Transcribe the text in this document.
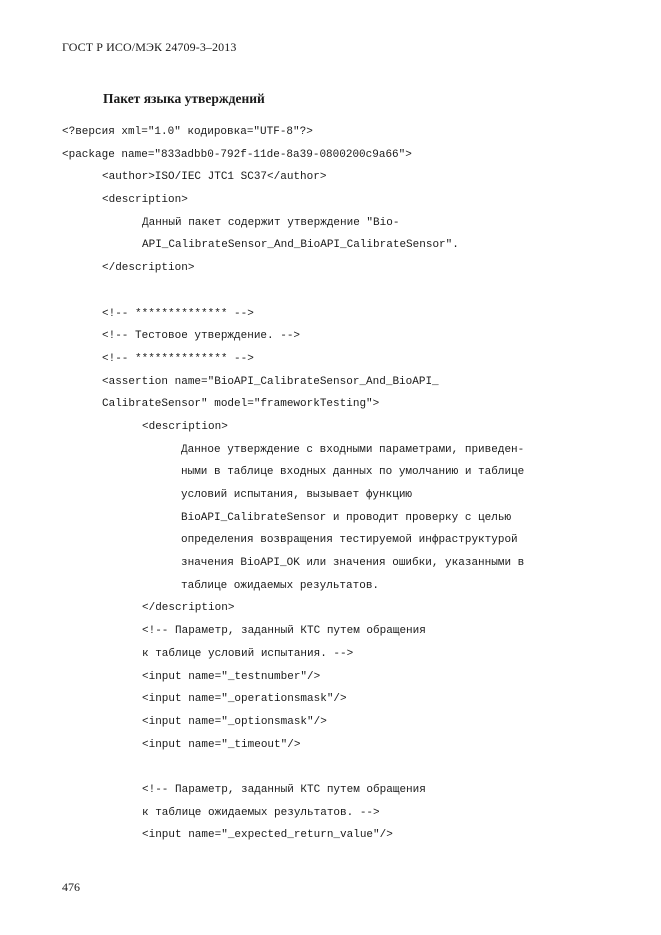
ГОСТ Р ИСО/МЭК 24709-3–2013
Пакет языка утверждений
<?версия xml="1.0" кодировка="UTF-8"?>
<package name="833adbb0-792f-11de-8a39-0800200c9a66">
<author>ISO/IEC JTC1 SC37</author>
<description>
Данный пакет содержит утверждение "Bio-
API_CalibrateSensor_And_BioAPI_CalibrateSensor".
</description>
<!-- ************** -->
<!-- Тестовое утверждение. -->
<!-- ************** -->
<assertion name="BioAPI_CalibrateSensor_And_BioAPI_
CalibrateSensor" model="frameworkTesting">
<description>
Данное утверждение с входными параметрами, приведен-
ными в таблице входных данных по умолчанию и таблице
условий испытания, вызывает функцию
BioAPI_CalibrateSensor и проводит проверку с целью
определения возвращения тестируемой инфраструктурой
значения BioAPI_OK или значения ошибки, указанными в
таблице ожидаемых результатов.
</description>
<!-- Параметр, заданный КТС путем обращения
к таблице условий испытания. -->
<input name="_testnumber"/>
<input name="_operationsmask"/>
<input name="_optionsmask"/>
<input name="_timeout"/>
<!-- Параметр, заданный КТС путем обращения
к таблице ожидаемых результатов. -->
<input name="_expected_return_value"/>
476
